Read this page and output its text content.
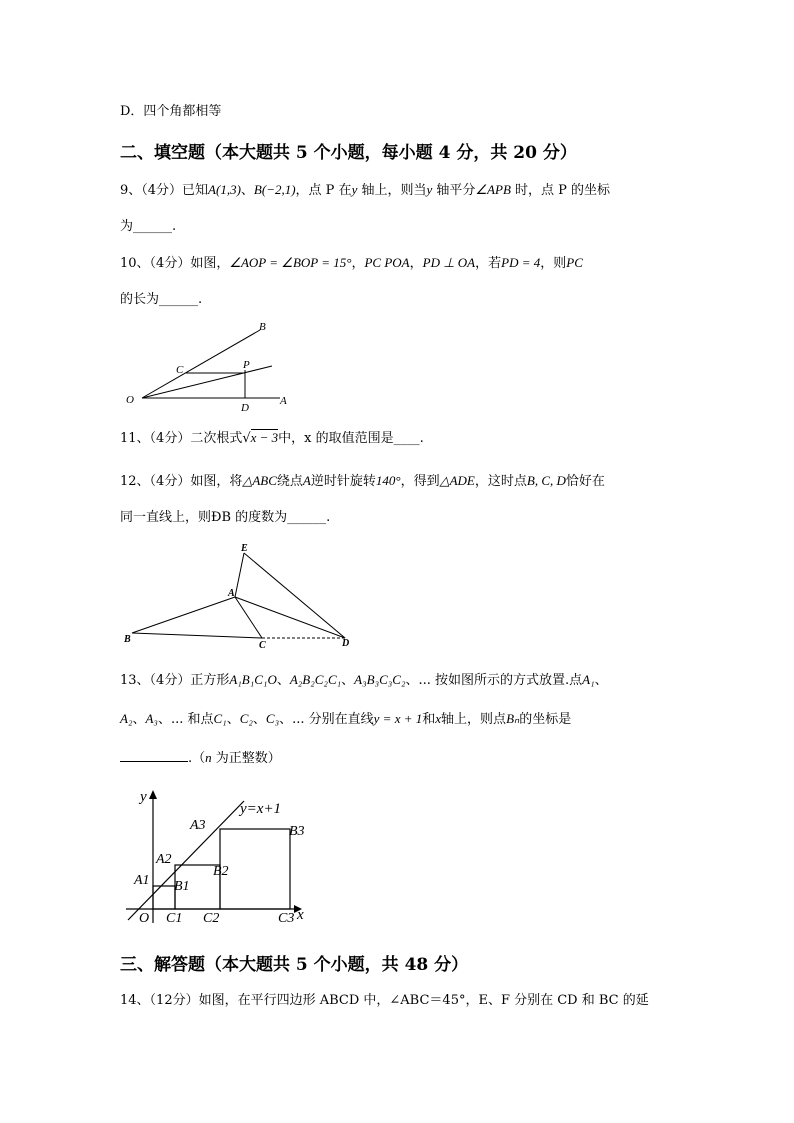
D．四个角都相等
二、填空题（本大题共 5 个小题，每小题 4 分，共 20 分）
9、（4分）已知A(1,3)、B(−2,1)，点 P 在y 轴上，则当y 轴平分∠APB 时，点 P 的坐标
为______.
10、（4分）如图，∠AOP = ∠BOP = 15°，PC POA，PD ⊥ OA，若PD = 4，则PC
的长为______.
B
C	P
O
D
A
11、（4分）二次根式√x − 3中，x 的取值范围是____.
12、（4分）如图，将△ABC绕点A逆时针旋转140°，得到△ADE，这时点B, C, D恰好在
同一直线上，则ÐB 的度数为______.
E
A
B
C	D
13、（4分）正方形A₁B₁C₁O、A₂B₂C₂C₁、A₃B₃C₃C₂、... 按如图所示的方式放置.点A₁、
A₂、A₃、... 和点C₁、C₂、C₃、... 分别在直线y = x + 1和x轴上，则点Bₙ的坐标是
.（n 为正整数）
y
y=x+1
A3	B3
A2
B2
A1 B1
O C1 C2	C3 x
三、解答题（本大题共 5 个小题，共 48 分）
14、（12分）如图，在平行四边形 ABCD 中，∠ABC＝45°，E、F 分别在 CD 和 BC 的延
